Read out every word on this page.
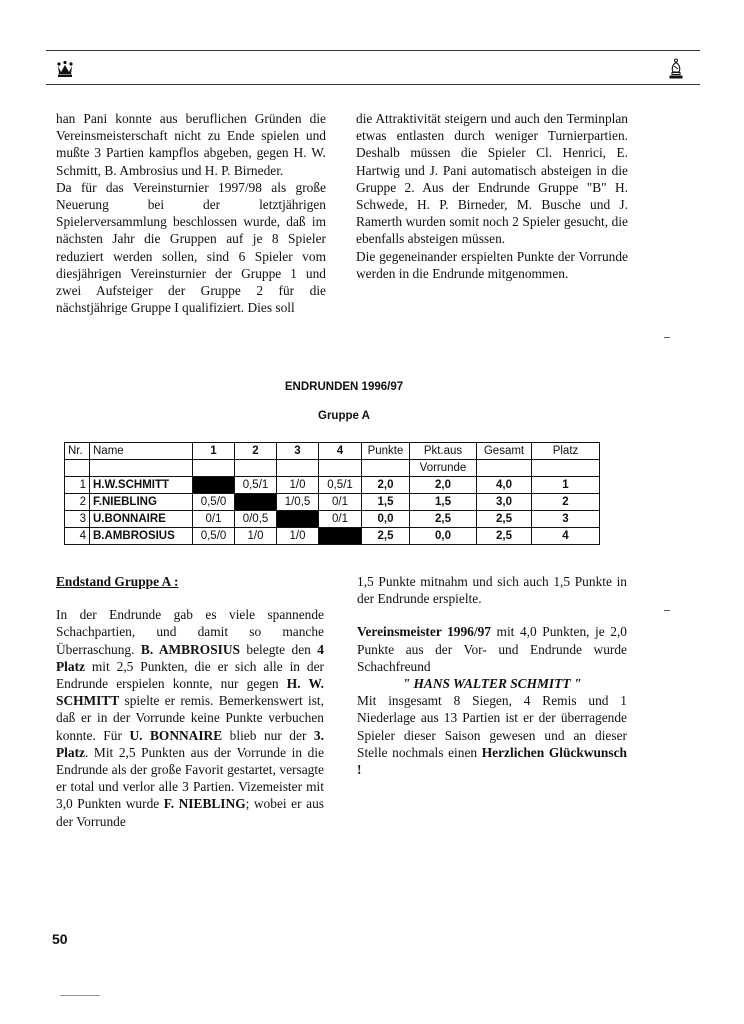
han Pani konnte aus beruflichen Gründen die Vereinsmeisterschaft nicht zu Ende spielen und mußte 3 Partien kampflos abgeben, gegen H. W. Schmitt, B. Ambrosius und H. P. Birneder.

Da für das Vereinsturnier 1997/98 als große Neuerung bei der letztjährigen Spielerversammlung beschlossen wurde, daß im nächsten Jahr die Gruppen auf je 8 Spieler reduziert werden sollen, sind 6 Spieler vom diesjährigen Vereinsturnier der Gruppe 1 und zwei Aufsteiger der Gruppe 2 für die nächstjährige Gruppe I qualifiziert. Dies soll

die Attraktivität steigern und auch den Terminplan etwas entlasten durch weniger Turnierpartien. Deshalb müssen die Spieler Cl. Henrici, E. Hartwig und J. Pani automatisch absteigen in die Gruppe 2. Aus der Endrunde Gruppe "B" H. Schwede, H. P. Birneder, M. Busche und J. Ramerth wurden somit noch 2 Spieler gesucht, die ebenfalls absteigen müssen.

Die gegeneinander erspielten Punkte der Vorrunde werden in die Endrunde mitgenommen.

ENDRUNDEN 1996/97
Gruppe A
Nr.	Name	1	2	3	4	Punkte	Pkt.aus	Gesamt	Platz
							Vorrunde		
1	H.W.SCHMITT		0,5/1	1/0	0,5/1	2,0	2,0	4,0	1
2	F.NIEBLING	0,5/0		1/0,5	0/1	1,5	1,5	3,0	2
3	U.BONNAIRE	0/1	0/0,5		0/1	0,0	2,5	2,5	3
4	B.AMBROSIUS	0,5/0	1/0	1/0		2,5	0,0	2,5	4

Endstand Gruppe A :

In der Endrunde gab es viele spannende Schachpartien, und damit so manche Überraschung. B. AMBROSIUS belegte den 4 Platz mit 2,5 Punkten, die er sich alle in der Endrunde erspielen konnte, nur gegen H. W. SCHMITT spielte er remis. Bemerkenswert ist, daß er in der Vorrunde keine Punkte verbuchen konnte. Für U. BONNAIRE blieb nur der 3. Platz. Mit 2,5 Punkten aus der Vorrunde in die Endrunde als der große Favorit gestartet, versagte er total und verlor alle 3 Partien. Vizemeister mit 3,0 Punkten wurde F. NIEBLING; wobei er aus der Vorrunde

1,5 Punkte mitnahm und sich auch 1,5 Punkte in der Endrunde erspielte.

Vereinsmeister 1996/97 mit 4,0 Punkten, je 2,0 Punkte aus der Vor- und Endrunde wurde Schachfreund

" HANS WALTER SCHMITT "

Mit insgesamt 8 Siegen, 4 Remis und 1 Niederlage aus 13 Partien ist er der überragende Spieler dieser Saison gewesen und an dieser Stelle nochmals einen Herzlichen Glückwunsch !

50
